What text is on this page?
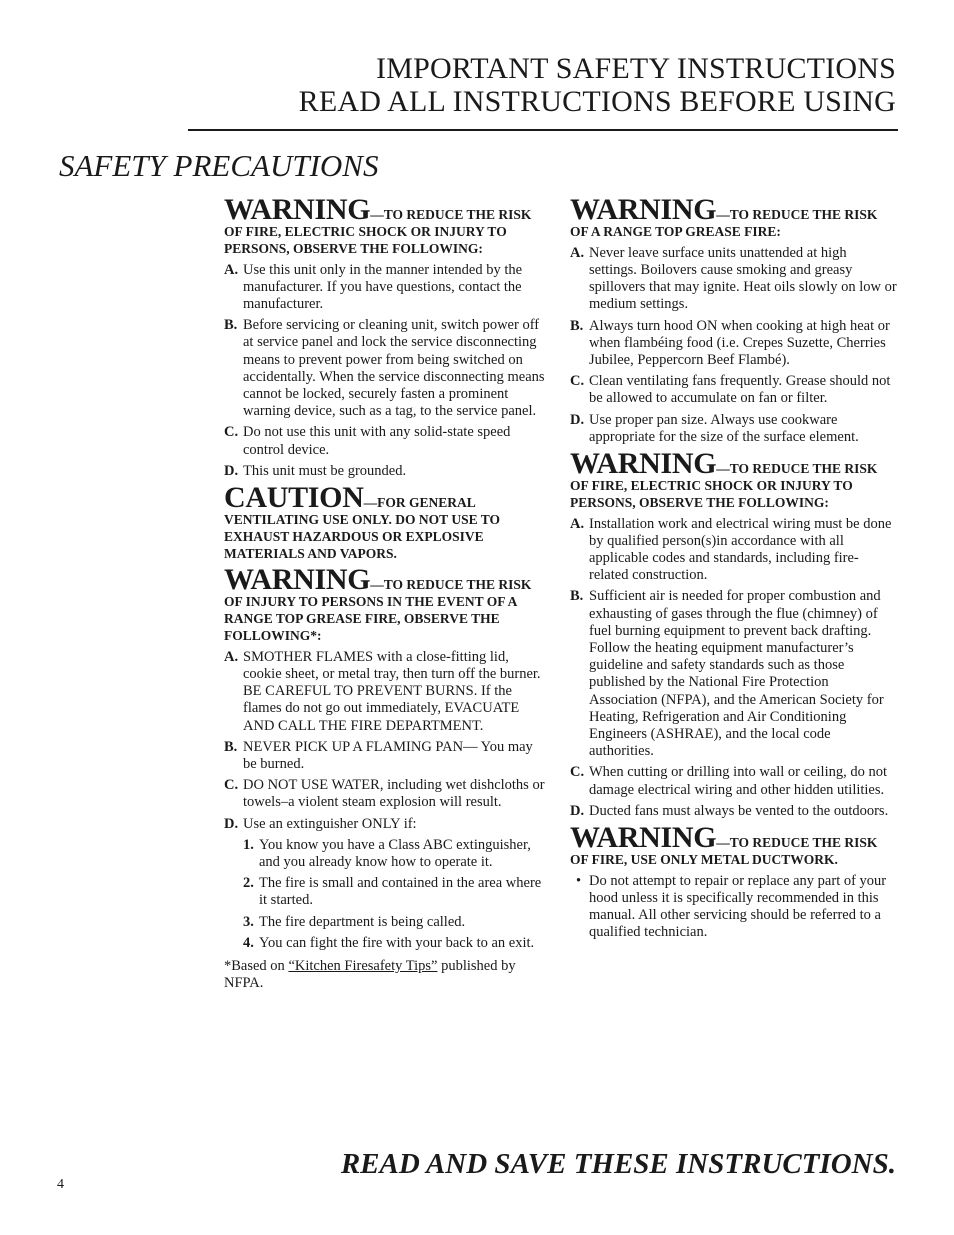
IMPORTANT SAFETY INSTRUCTIONS
READ ALL INSTRUCTIONS BEFORE USING
SAFETY PRECAUTIONS

WARNING—TO REDUCE THE RISK OF FIRE, ELECTRIC SHOCK OR INJURY TO PERSONS, OBSERVE THE FOLLOWING:

A. Use this unit only in the manner intended by the manufacturer. If you have questions, contact the manufacturer.
B. Before servicing or cleaning unit, switch power off at service panel and lock the service disconnecting means to prevent power from being switched on accidentally. When the service disconnecting means cannot be locked, securely fasten a prominent warning device, such as a tag, to the service panel.
C. Do not use this unit with any solid-state speed control device.
D. This unit must be grounded.

CAUTION—FOR GENERAL VENTILATING USE ONLY. DO NOT USE TO EXHAUST HAZARDOUS OR EXPLOSIVE MATERIALS AND VAPORS.

WARNING—TO REDUCE THE RISK OF INJURY TO PERSONS IN THE EVENT OF A RANGE TOP GREASE FIRE, OBSERVE THE FOLLOWING*:

A. SMOTHER FLAMES with a close-fitting lid, cookie sheet, or metal tray, then turn off the burner. BE CAREFUL TO PREVENT BURNS. If the flames do not go out immediately, EVACUATE AND CALL THE FIRE DEPARTMENT.
B. NEVER PICK UP A FLAMING PAN— You may be burned.
C. DO NOT USE WATER, including wet dishcloths or towels–a violent steam explosion will result.
D. Use an extinguisher ONLY if:
1. You know you have a Class ABC extinguisher, and you already know how to operate it.
2. The fire is small and contained in the area where it started.
3. The fire department is being called.
4. You can fight the fire with your back to an exit.
*Based on “Kitchen Firesafety Tips” published by NFPA.

WARNING—TO REDUCE THE RISK OF A RANGE TOP GREASE FIRE:

A. Never leave surface units unattended at high settings. Boilovers cause smoking and greasy spillovers that may ignite. Heat oils slowly on low or medium settings.
B. Always turn hood ON when cooking at high heat or when flambéing food (i.e. Crepes Suzette, Cherries Jubilee, Peppercorn Beef Flambé).
C. Clean ventilating fans frequently. Grease should not be allowed to accumulate on fan or filter.
D. Use proper pan size. Always use cookware appropriate for the size of the surface element.

WARNING—TO REDUCE THE RISK OF FIRE, ELECTRIC SHOCK OR INJURY TO PERSONS, OBSERVE THE FOLLOWING:

A. Installation work and electrical wiring must be done by qualified person(s)in accordance with all applicable codes and standards, including fire-related construction.
B. Sufficient air is needed for proper combustion and exhausting of gases through the flue (chimney) of fuel burning equipment to prevent back drafting. Follow the heating equipment manufacturer’s guideline and safety standards such as those published by the National Fire Protection Association (NFPA), and the American Society for Heating, Refrigeration and Air Conditioning Engineers (ASHRAE), and the local code authorities.
C. When cutting or drilling into wall or ceiling, do not damage electrical wiring and other hidden utilities.
D. Ducted fans must always be vented to the outdoors.

WARNING—TO REDUCE THE RISK OF FIRE, USE ONLY METAL DUCTWORK.

• Do not attempt to repair or replace any part of your hood unless it is specifically recommended in this manual. All other servicing should be referred to a qualified technician.
READ AND SAVE THESE INSTRUCTIONS.
4
